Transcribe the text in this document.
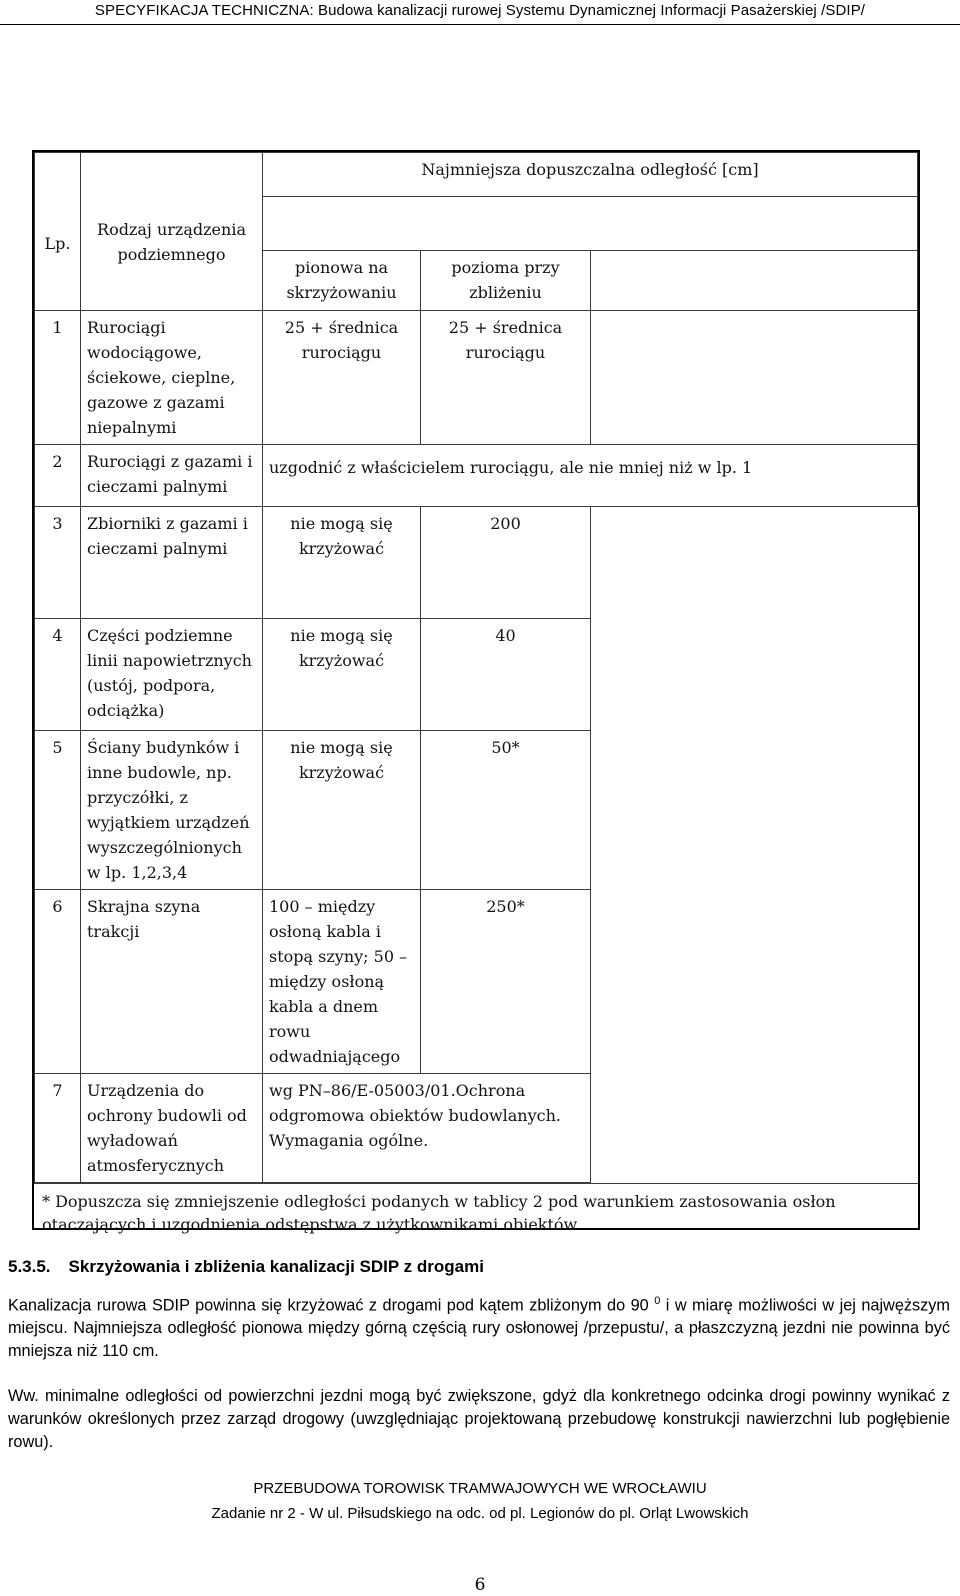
SPECYFIKACJA TECHNICZNA: Budowa kanalizacji rurowej Systemu Dynamicznej Informacji Pasażerskiej /SDIP/
Lp.	Rodzaj urządzenia podziemnego	Najmniejsza dopuszczalna odległość [cm]		

		pionowa na skrzyżowaniu	pozioma przy zbliżeniu	
1	Rurociągi wodociągowe, ściekowe, cieplne, gazowe z gazami niepalnymi	25 + średnica rurociągu	25 + średnica rurociągu	
2	Rurociągi z gazami i cieczami palnymi	uzgodnić z właścicielem rurociągu, ale nie mniej niż w lp. 1		
3	Zbiorniki z gazami i cieczami palnymi	nie mogą się krzyżować	200	
4	Części podziemne linii napowietrznych (ustój, podpora, odciążka)	nie mogą się krzyżować	40	
5	Ściany budynków i inne budowle, np. przyczółki, z wyjątkiem urządzeń wyszczególnionych w lp. 1,2,3,4	nie mogą się krzyżować	50*	
6	Skrajna szyna trakcji	100 – między osłoną kabla i stopą szyny; 50 – między osłoną kabla a dnem rowu odwadniającego	250*	
7	Urządzenia do ochrony budowli od wyładowań atmosferycznych	wg PN–86/E-05003/01.Ochrona odgromowa obiektów budowlanych. Wymagania ogólne.		
* Dopuszcza się zmniejszenie odległości podanych w tablicy 2 pod warunkiem zastosowania osłon otaczających i uzgodnienia odstępstwa z użytkownikami obiektów
5.3.5. Skrzyżowania i zbliżenia kanalizacji SDIP z drogami
Kanalizacja rurowa SDIP powinna się krzyżować z drogami pod kątem zbliżonym do 90 $^0$ i w miarę możliwości w jej najwęższym miejscu. Najmniejsza odległość pionowa między górną częścią rury osłonowej /przepustu/, a płaszczyzną jezdni nie powinna być mniejsza niż 110 cm.
Ww. minimalne odległości od powierzchni jezdni mogą być zwiększone, gdyż dla konkretnego odcinka drogi powinny wynikać z warunków określonych przez zarząd drogowy (uwzględniając projektowaną przebudowę konstrukcji nawierzchni lub pogłębienie rowu).
PRZEBUDOWA TOROWISK TRAMWAJOWYCH WE WROCŁAWIU
Zadanie nr 2 - W ul. Piłsudskiego na odc. od pl. Legionów do pl. Orląt Lwowskich
6
